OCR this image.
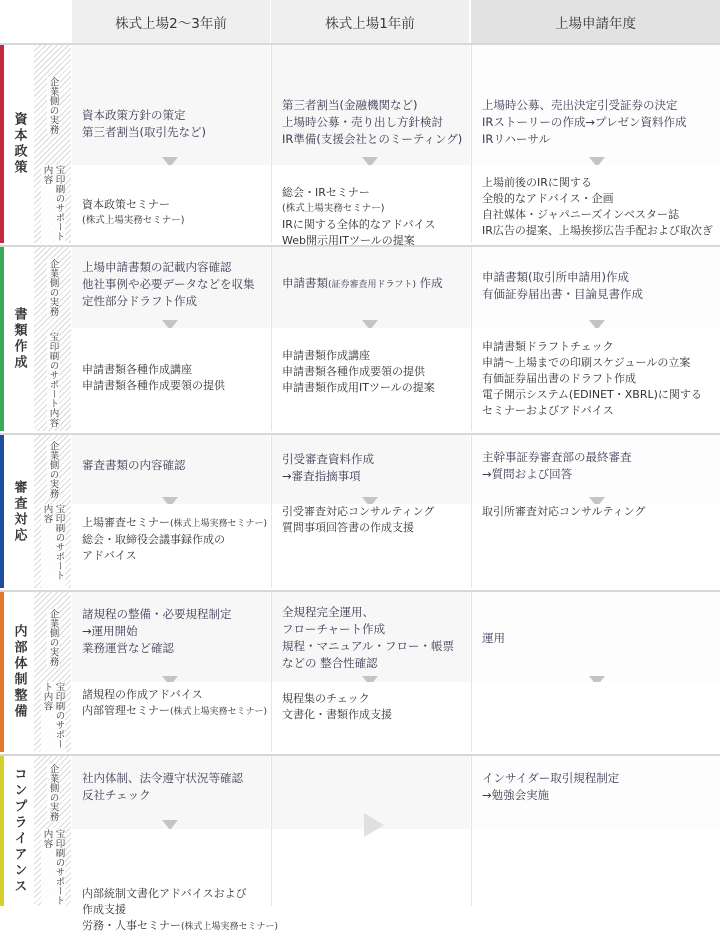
株式上場2〜3年前	株式上場1年前	上場申請年度
資本政策
企業側の実務
宝印刷のサポート内容
資本政策方針の策定
第三者割当(取引先など)
資本政策セミナー
(株式上場実務セミナー)
第三者割当(金融機関など)
上場時公募・売り出し方針検討
IR準備(支援会社とのミーティング)
総会・IRセミナー
(株式上場実務セミナー)
IRに関する全体的なアドバイス
Web開示用ITツールの提案
上場時公募、売出決定引受証券の決定
IRストーリーの作成→プレゼン資料作成
IRリハーサル
上場前後のIRに関する
全般的なアドバイス・企画
自社媒体・ジャパニーズインベスター誌
IR広告の提案、上場挨拶広告手配および取次ぎ
書類作成
企業側の実務
宝印刷のサポート内容
上場申請書類の記載内容確認
他社事例や必要データなどを収集
定性部分ドラフト作成
申請書類各種作成講座
申請書類各種作成要領の提供
申請書類(証券審査用ドラフト) 作成
申請書類作成講座
申請書類各種作成要領の提供
申請書類作成用ITツールの提案
申請書類(取引所申請用)作成
有価証券届出書・目論見書作成
申請書類ドラフトチェック
申請〜上場までの印刷スケジュールの立案
有価証券届出書のドラフト作成
電子開示システム(EDINET・XBRL)に関する
セミナーおよびアドバイス
審査対応
企業側の実務
宝印刷のサポート内容
審査書類の内容確認
上場審査セミナー(株式上場実務セミナー)
総会・取締役会議事録作成の
アドバイス
引受審査資料作成
→審査指摘事項
引受審査対応コンサルティング
質問事項回答書の作成支援
主幹事証券審査部の最終審査
→質問および回答
取引所審査対応コンサルティング
内部体制整備 企業側の実務
宝印刷のサポート内容
諸規程の整備・必要規程制定
→運用開始
業務運営など確認
諸規程の作成アドバイス
内部管理セミナー(株式上場実務セミナー)
全規程完全運用、
フローチャート作成
規程・マニュアル・フロー・帳票
などの 整合性確認
規程集のチェック
文書化・書類作成支援
運用
コンプライアンス 企業側の実務
宝印刷のサポート内容
社内体制、法令遵守状況等確認
反社チェック
内部統制文書化アドバイスおよび
作成支援
労務・人事セミナー(株式上場実務セミナー)
インサイダー取引規程制定
→勉強会実施
